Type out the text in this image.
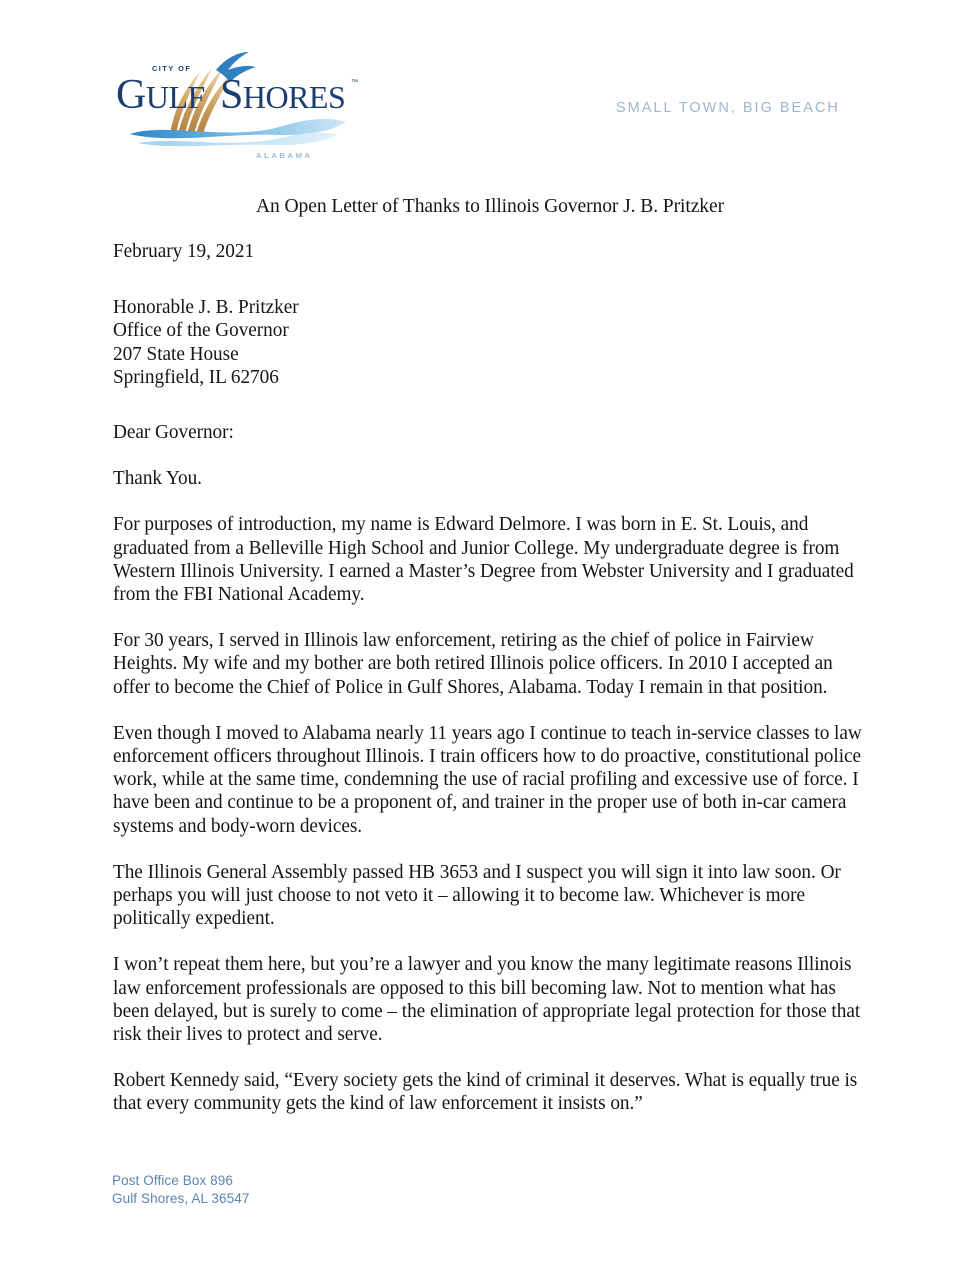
CITY OF
GULF SHORES ™
ALABAMA
SMALL TOWN, BIG BEACH
An Open Letter of Thanks to Illinois Governor J. B. Pritzker
February 19, 2021
Honorable J. B. Pritzker
Office of the Governor
207 State House
Springfield, IL 62706
Dear Governor:
Thank You.
For purposes of introduction, my name is Edward Delmore. I was born in E. St. Louis, and graduated from a Belleville High School and Junior College. My undergraduate degree is from Western Illinois University. I earned a Master’s Degree from Webster University and I graduated from the FBI National Academy.
For 30 years, I served in Illinois law enforcement, retiring as the chief of police in Fairview Heights. My wife and my bother are both retired Illinois police officers. In 2010 I accepted an offer to become the Chief of Police in Gulf Shores, Alabama. Today I remain in that position.
Even though I moved to Alabama nearly 11 years ago I continue to teach in-service classes to law enforcement officers throughout Illinois. I train officers how to do proactive, constitutional police work, while at the same time, condemning the use of racial profiling and excessive use of force. I have been and continue to be a proponent of, and trainer in the proper use of both in-car camera systems and body-worn devices.
The Illinois General Assembly passed HB 3653 and I suspect you will sign it into law soon. Or perhaps you will just choose to not veto it – allowing it to become law. Whichever is more politically expedient.
I won’t repeat them here, but you’re a lawyer and you know the many legitimate reasons Illinois law enforcement professionals are opposed to this bill becoming law. Not to mention what has been delayed, but is surely to come – the elimination of appropriate legal protection for those that risk their lives to protect and serve.
Robert Kennedy said, “Every society gets the kind of criminal it deserves. What is equally true is that every community gets the kind of law enforcement it insists on.”
Post Office Box 896
Gulf Shores, AL 36547
